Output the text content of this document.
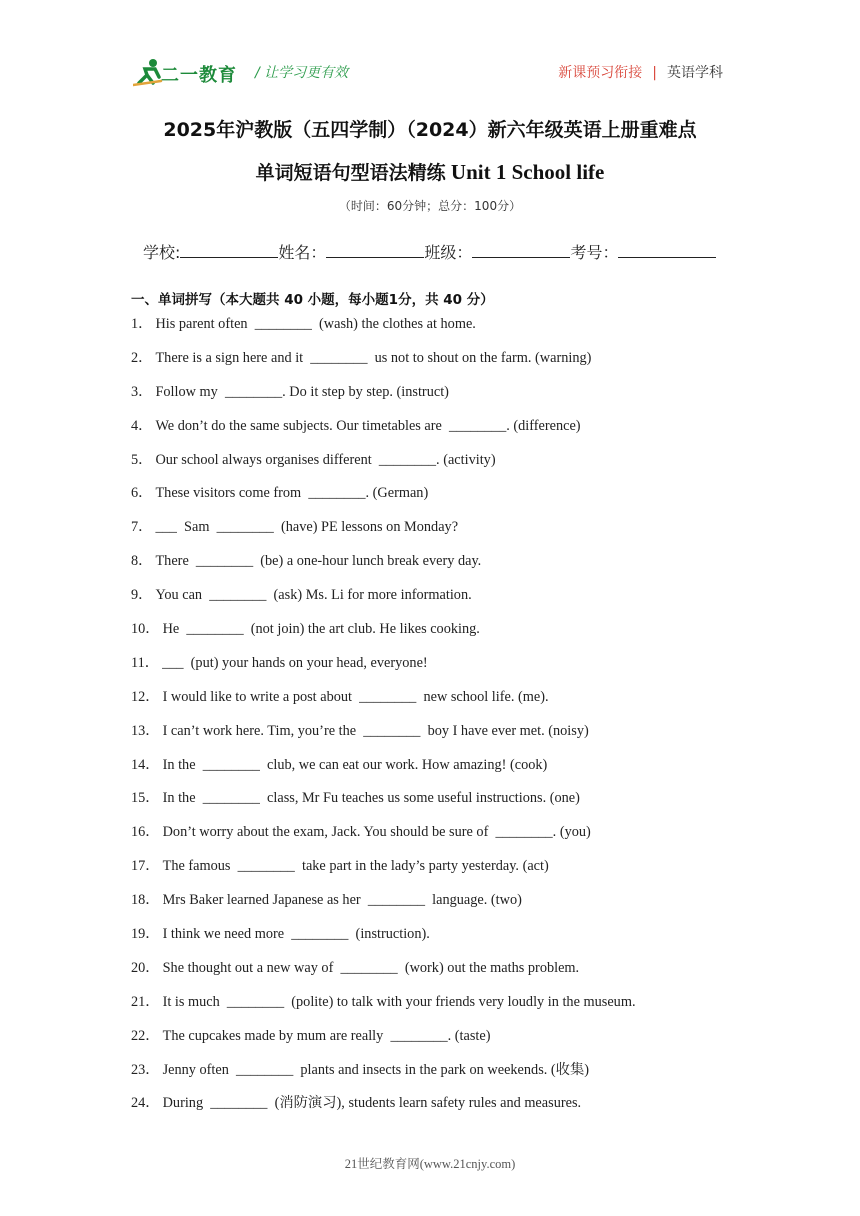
二一教育 / 让学习更有效	新课预习衔接 | 英语学科
2025年沪教版（五四学制）（2024）新六年级英语上册重难点
单词短语句型语法精练 Unit 1 School life
（时间：60分钟；总分：100分）
学校:	姓名：	班级：	考号：
一、单词拼写（本大题共 40 小题，每小题1分，共 40 分）
1． His parent often  ________  (wash) the clothes at home.
2． There is a sign here and it  ________  us not to shout on the farm. (warning)
3． Follow my  ________. Do it step by step. (instruct)
4． We don’t do the same subjects. Our timetables are  ________. (difference)
5． Our school always organises different  ________. (activity)
6． These visitors come from  ________. (German)
7． ___  Sam  ________  (have) PE lessons on Monday?
8． There  ________  (be) a one-hour lunch break every day.
9． You can  ________  (ask) Ms. Li for more information.
10． He  ________  (not join) the art club. He likes cooking.
11． ___  (put) your hands on your head, everyone!
12． I would like to write a post about  ________  new school life. (me).
13． I can’t work here. Tim, you’re the  ________  boy I have ever met. (noisy)
14． In the  ________  club, we can eat our work. How amazing! (cook)
15． In the  ________  class, Mr Fu teaches us some useful instructions. (one)
16． Don’t worry about the exam, Jack. You should be sure of  ________. (you)
17． The famous  ________  take part in the lady’s party yesterday. (act)
18． Mrs Baker learned Japanese as her  ________  language. (two)
19． I think we need more  ________  (instruction).
20． She thought out a new way of  ________  (work) out the maths problem.
21． It is much  ________  (polite) to talk with your friends very loudly in the museum.
22． The cupcakes made by mum are really  ________. (taste)
23． Jenny often  ________  plants and insects in the park on weekends. (收集)
24． During  ________  (消防演习), students learn safety rules and measures.
21世纪教育网(www.21cnjy.com)
